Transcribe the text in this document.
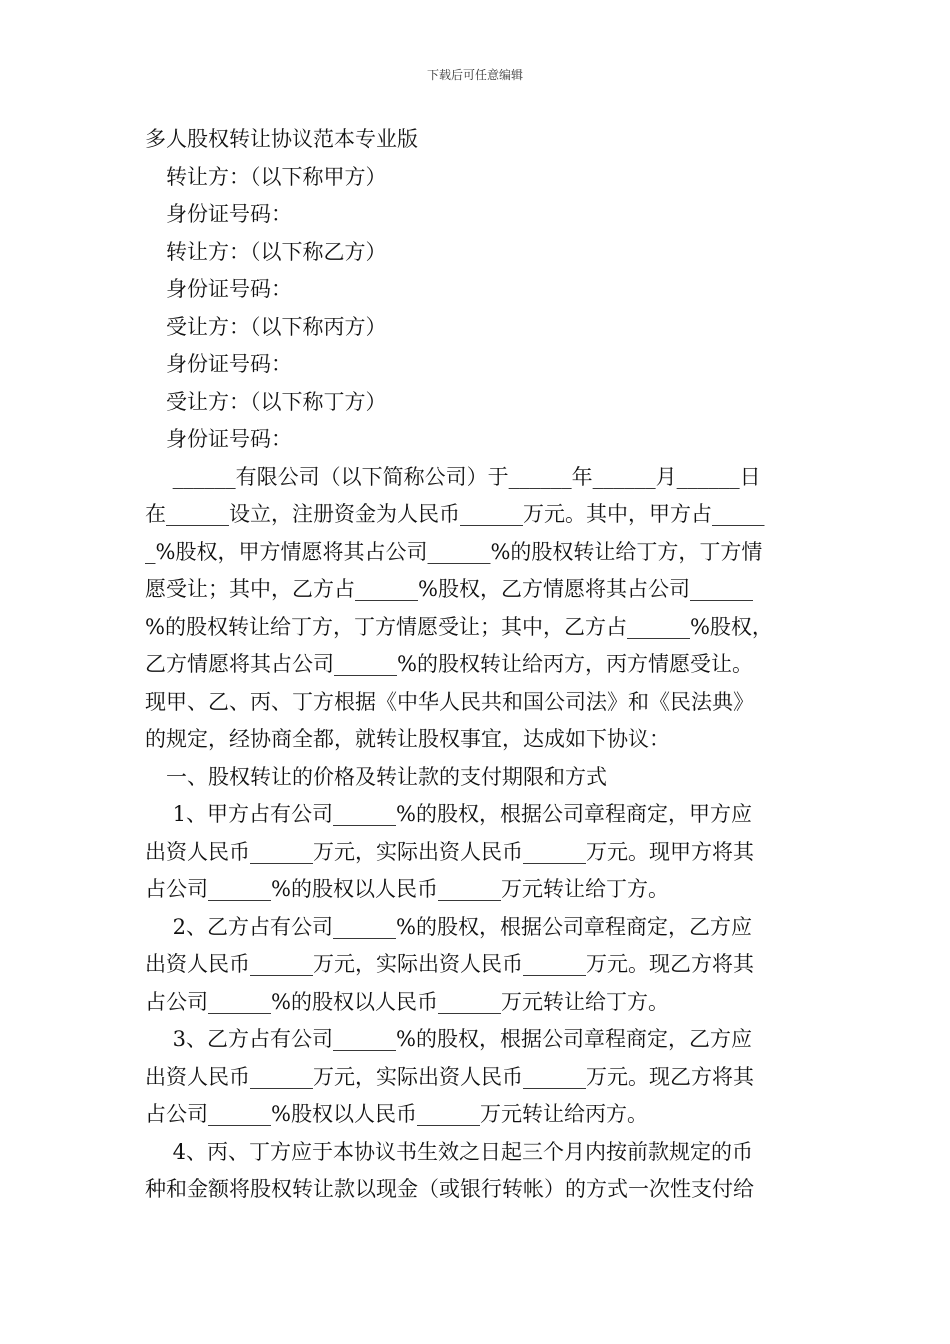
下载后可任意编辑
多人股权转让协议范本专业版
转让方：（以下称甲方）
身份证号码：
转让方：（以下称乙方）
身份证号码：
受让方：（以下称丙方）
身份证号码：
受让方：（以下称丁方）
身份证号码：
______有限公司（以下简称公司）于______年______月______日
在______设立，注册资金为人民币______万元。其中，甲方占_____
_%股权，甲方情愿将其占公司______%的股权转让给丁方，丁方情
愿受让；其中，乙方占______%股权，乙方情愿将其占公司______
%的股权转让给丁方，丁方情愿受让；其中，乙方占______%股权，
乙方情愿将其占公司______%的股权转让给丙方，丙方情愿受让。
现甲、乙、丙、丁方根据《中华人民共和国公司法》和《民法典》
的规定，经协商全都，就转让股权事宜，达成如下协议：
一、股权转让的价格及转让款的支付期限和方式
1、甲方占有公司______%的股权，根据公司章程商定，甲方应
出资人民币______万元，实际出资人民币______万元。现甲方将其
占公司______%的股权以人民币______万元转让给丁方。
2、乙方占有公司______%的股权，根据公司章程商定，乙方应
出资人民币______万元，实际出资人民币______万元。现乙方将其
占公司______%的股权以人民币______万元转让给丁方。
3、乙方占有公司______%的股权，根据公司章程商定，乙方应
出资人民币______万元，实际出资人民币______万元。现乙方将其
占公司______%股权以人民币______万元转让给丙方。
4、丙、丁方应于本协议书生效之日起三个月内按前款规定的币
种和金额将股权转让款以现金（或银行转帐）的方式一次性支付给
